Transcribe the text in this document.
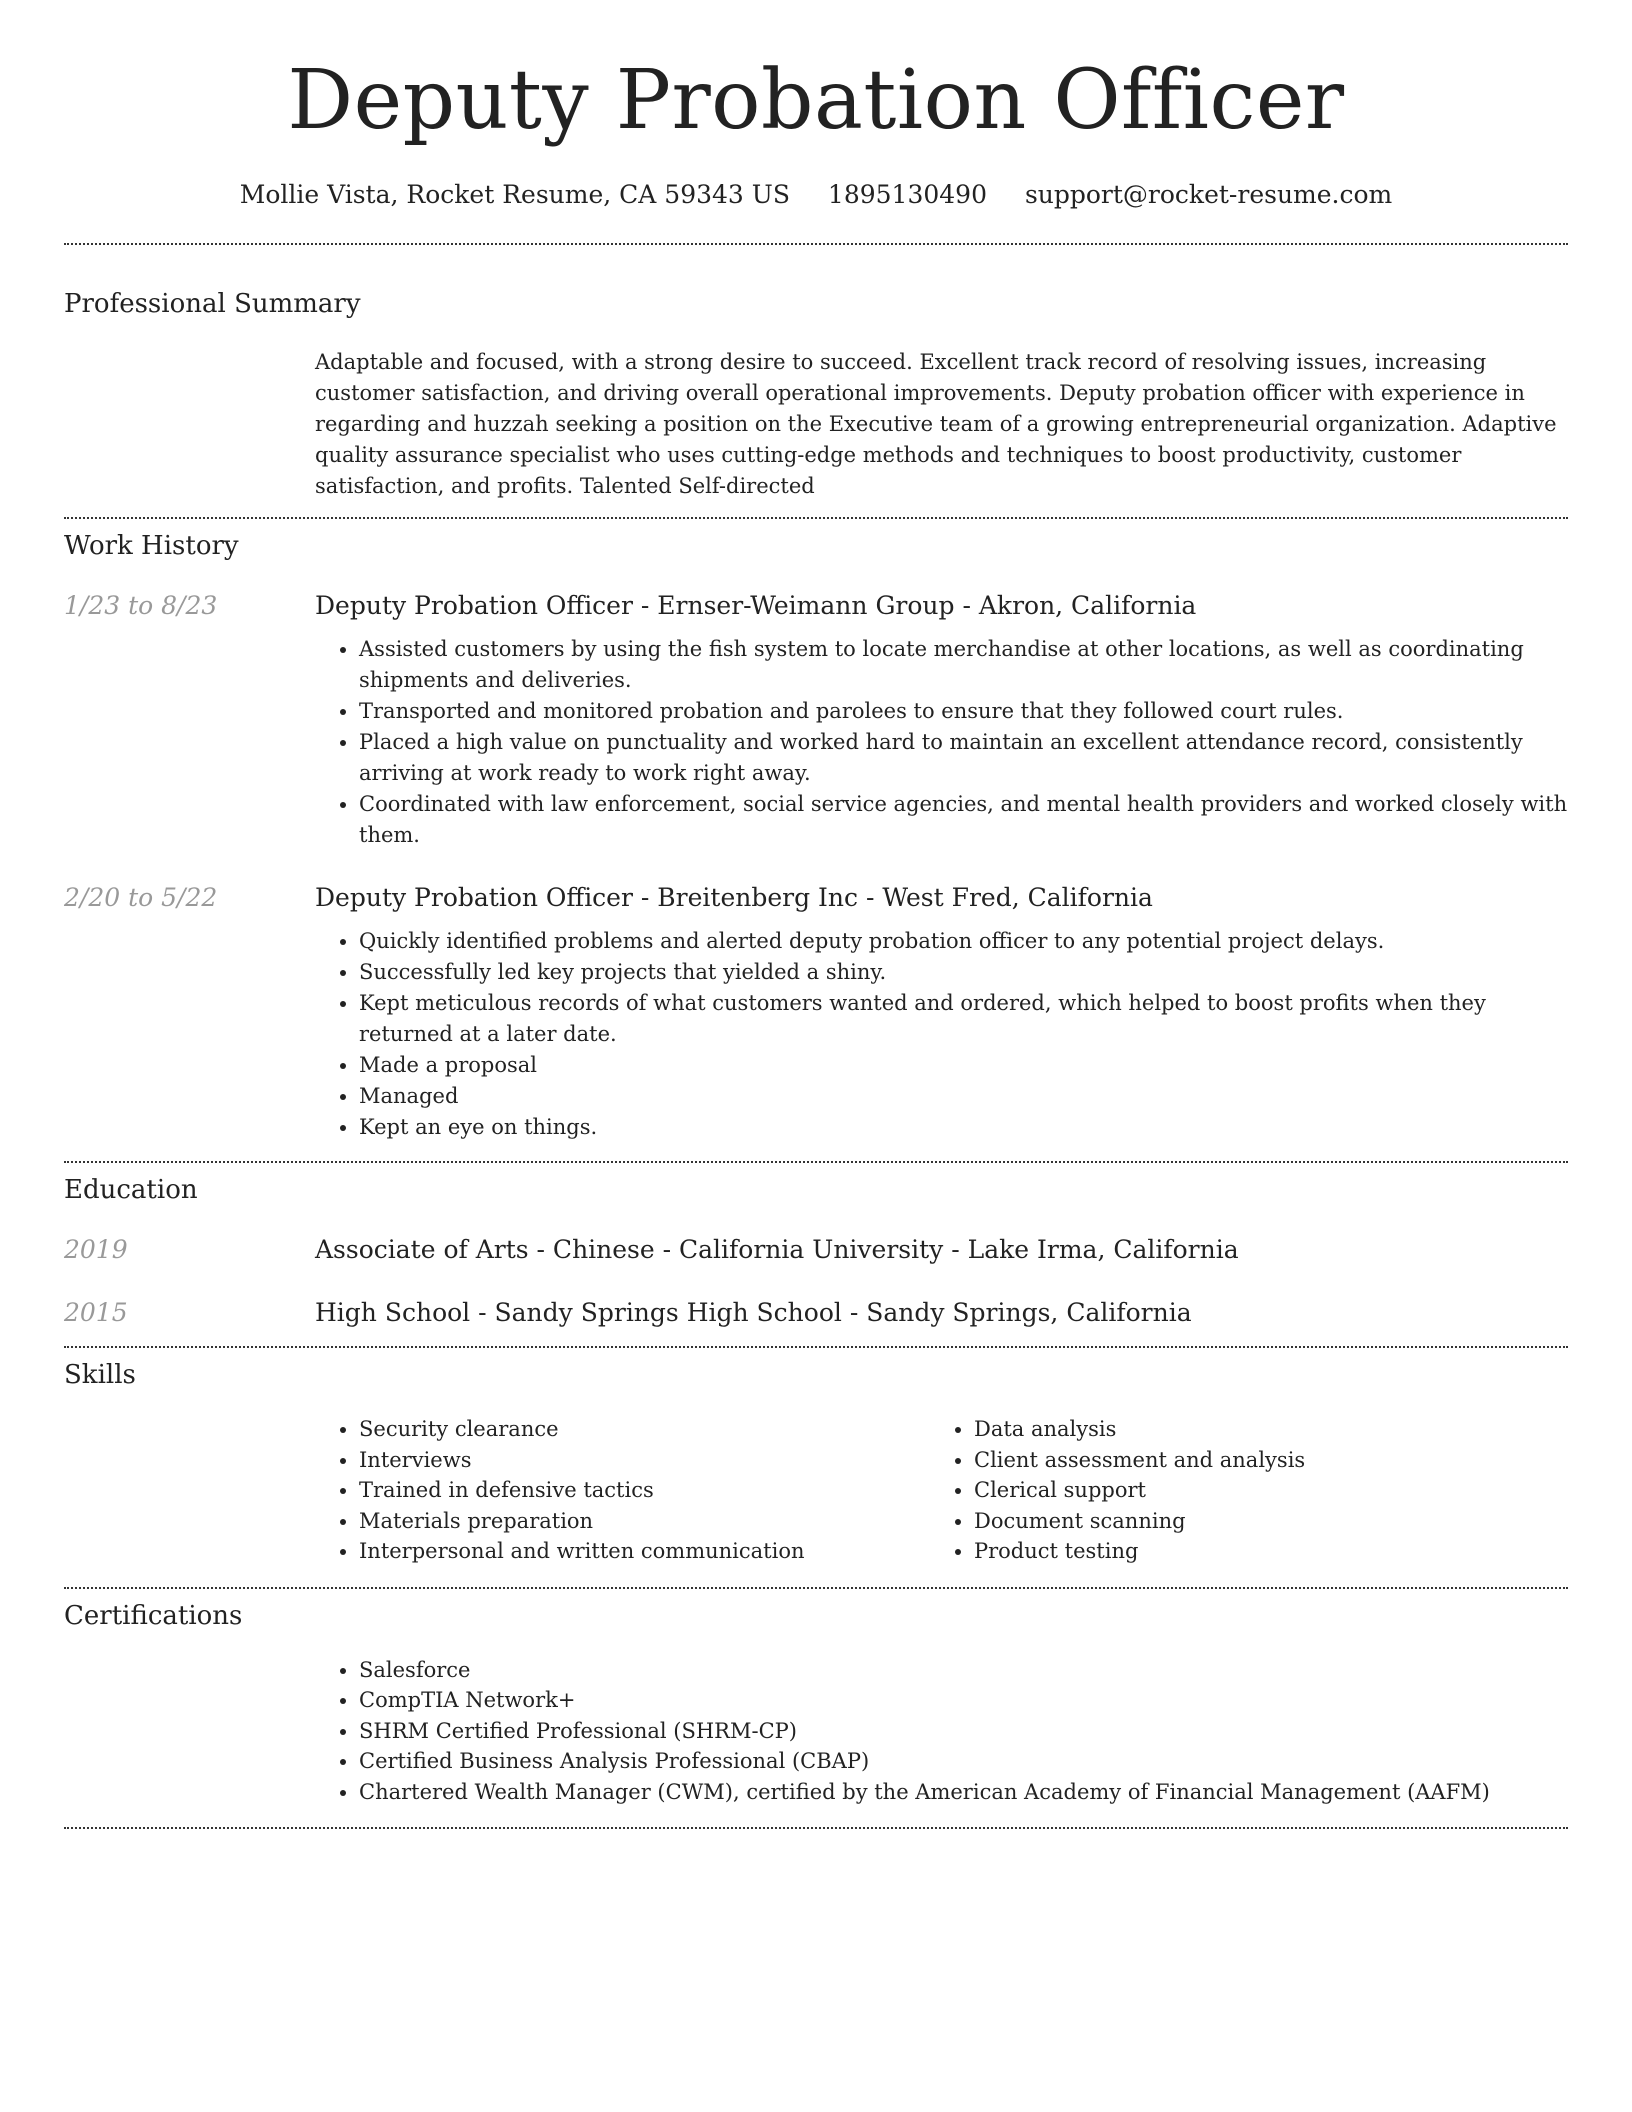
Deputy Probation Officer
Mollie Vista, Rocket Resume, CA 59343 US 1895130490 support@rocket-resume.com
Professional Summary
Adaptable and focused, with a strong desire to succeed. Excellent track record of resolving issues, increasing customer satisfaction, and driving overall operational improvements. Deputy probation officer with experience in regarding and huzzah seeking a position on the Executive team of a growing entrepreneurial organization. Adaptive quality assurance specialist who uses cutting-edge methods and techniques to boost productivity, customer satisfaction, and profits. Talented Self-directed
Work History
1/23 to 8/23	Deputy Probation Officer - Ernser-Weimann Group - Akron, California
• Assisted customers by using the fish system to locate merchandise at other locations, as well as coordinating shipments and deliveries.
• Transported and monitored probation and parolees to ensure that they followed court rules.
• Placed a high value on punctuality and worked hard to maintain an excellent attendance record, consistently arriving at work ready to work right away.
• Coordinated with law enforcement, social service agencies, and mental health providers and worked closely with them.
2/20 to 5/22	Deputy Probation Officer - Breitenberg Inc - West Fred, California
• Quickly identified problems and alerted deputy probation officer to any potential project delays.
• Successfully led key projects that yielded a shiny.
• Kept meticulous records of what customers wanted and ordered, which helped to boost profits when they returned at a later date.
• Made a proposal
• Managed
• Kept an eye on things.
Education
2019	Associate of Arts - Chinese - California University - Lake Irma, California
2015	High School - Sandy Springs High School - Sandy Springs, California
Skills
• Security clearance
• Interviews
• Trained in defensive tactics
• Materials preparation
• Interpersonal and written communication
• Data analysis
• Client assessment and analysis
• Clerical support
• Document scanning
• Product testing
Certifications
• Salesforce
• CompTIA Network+
• SHRM Certified Professional (SHRM-CP)
• Certified Business Analysis Professional (CBAP)
• Chartered Wealth Manager (CWM), certified by the American Academy of Financial Management (AAFM)
